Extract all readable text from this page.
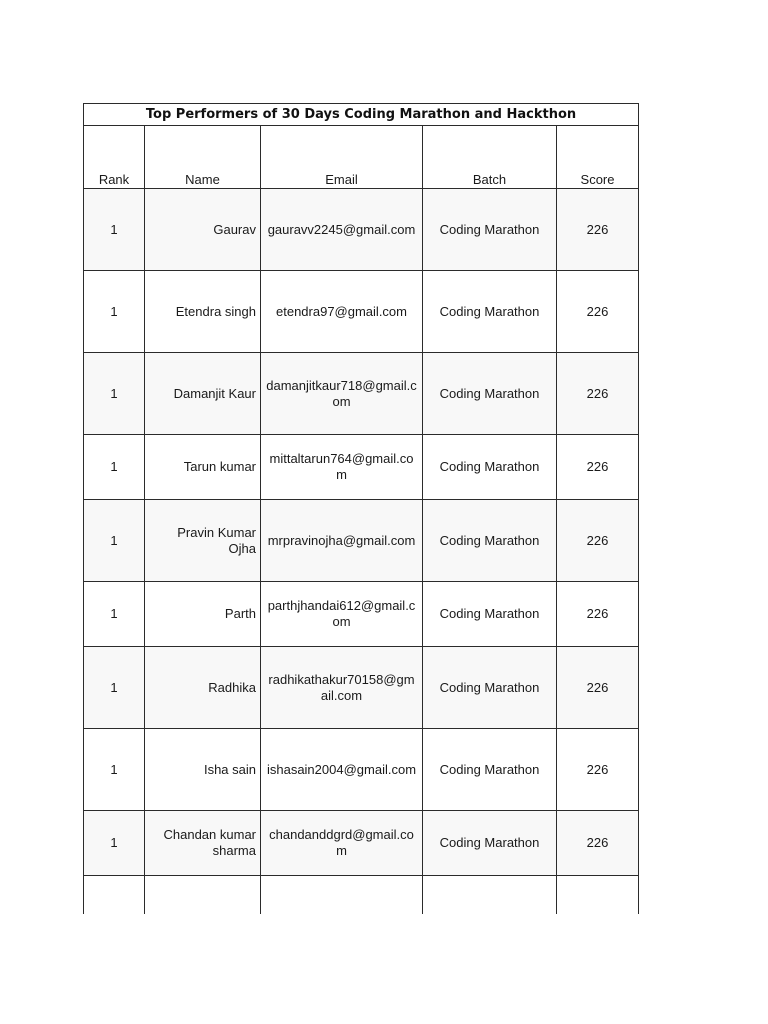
Top Performers of 30 Days Coding Marathon and Hackthon				
Rank	Name	Email	Batch	Score
1	Gaurav	gauravv2245@gmail.com	Coding Marathon	226
1	Etendra singh	etendra97@gmail.com	Coding Marathon	226
1	Damanjit Kaur	damanjitkaur718@gmail.com	Coding Marathon	226
1	Tarun kumar	mittaltarun764@gmail.com	Coding Marathon	226
1	Pravin Kumar Ojha	mrpravinojha@gmail.com	Coding Marathon	226
1	Parth	parthjhandai612@gmail.com	Coding Marathon	226
1	Radhika	radhikathakur70158@gmail.com	Coding Marathon	226
1	Isha sain	ishasain2004@gmail.com	Coding Marathon	226
1	Chandan kumar sharma	chandanddgrd@gmail.com	Coding Marathon	226
